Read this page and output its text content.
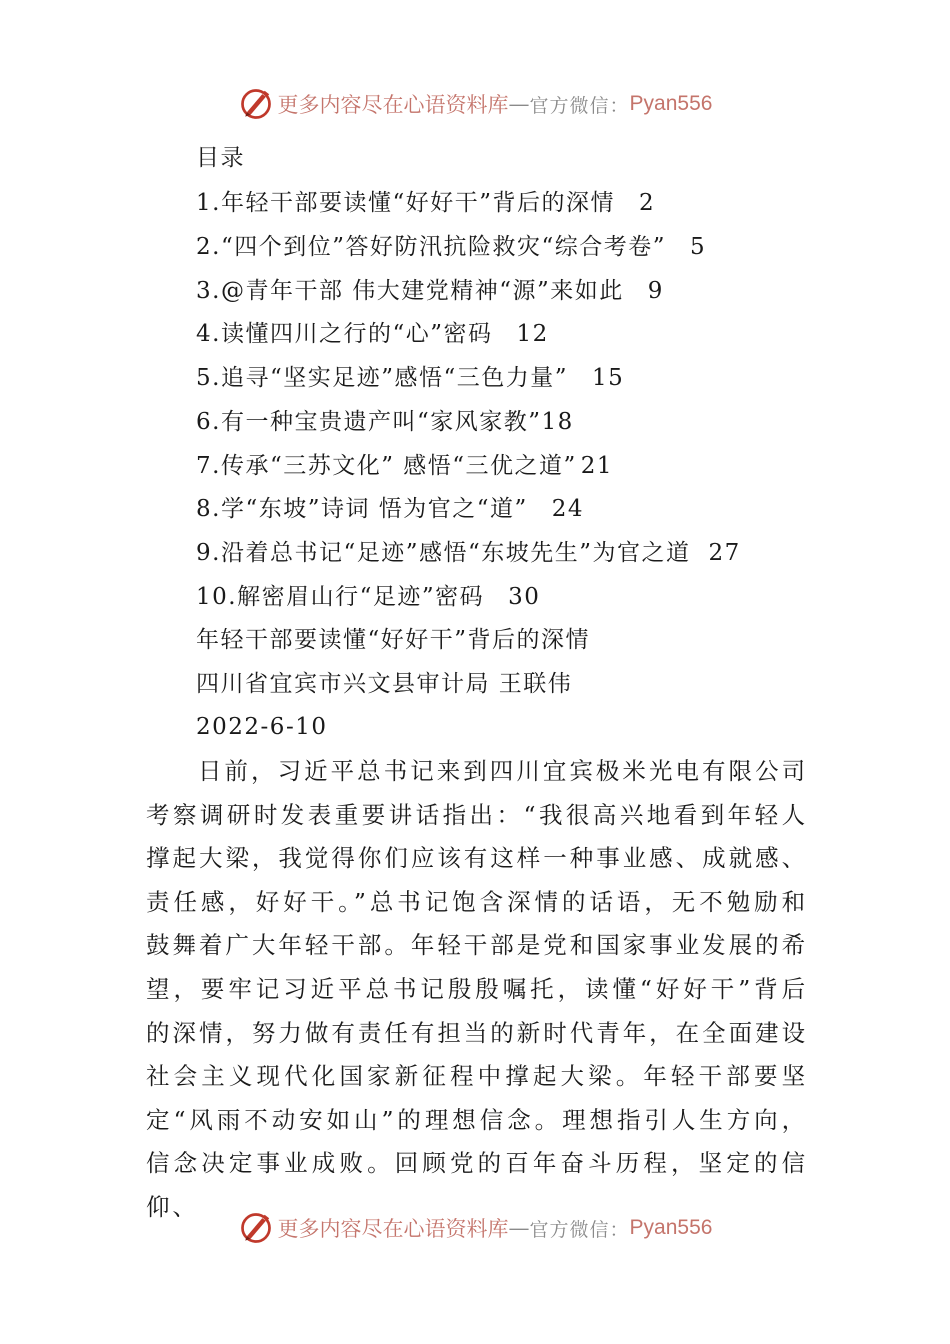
更多内容尽在心语资料库 — 官方微信： Pyan556
目录
1.年轻干部要读懂“好好干”背后的深情 2
2.“四个到位”答好防汛抗险救灾“综合考卷” 5
3.@青年干部 伟大建党精神“源”来如此 9
4.读懂四川之行的“心”密码 12
5.追寻“坚实足迹”感悟“三色力量” 15
6.有一种宝贵遗产叫“家风家教”18
7.传承“三苏文化” 感悟“三优之道” 21
8.学“东坡”诗词 悟为官之“道” 24
9.沿着总书记“足迹”感悟“东坡先生”为官之道 27
10.解密眉山行“足迹”密码 30
年轻干部要读懂“好好干”背后的深情
四川省宜宾市兴文县审计局 王联伟
2022-6-10

日前，习近平总书记来到四川宜宾极米光电有限公司考察调研时发表重要讲话指出：“我很高兴地看到年轻人撑起大梁，我觉得你们应该有这样一种事业感、成就感、责任感，好好干。”总书记饱含深情的话语，无不勉励和鼓舞着广大年轻干部。年轻干部是党和国家事业发展的希望，要牢记习近平总书记殷殷嘱托，读懂“好好干”背后的深情，努力做有责任有担当的新时代青年，在全面建设社会主义现代化国家新征程中撑起大梁。年轻干部要坚定“风雨不动安如山”的理想信念。理想指引人生方向，信念决定事业成败。回顾党的百年奋斗历程，坚定的信仰、

更多内容尽在心语资料库 — 官方微信： Pyan556
